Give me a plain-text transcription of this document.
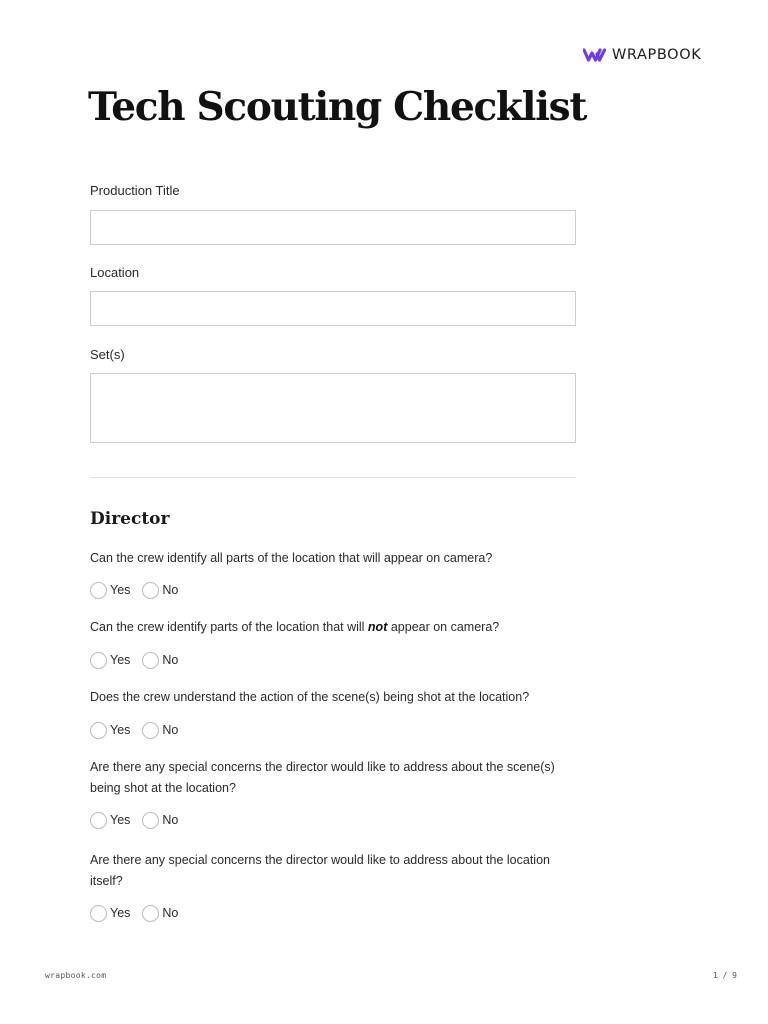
WRAPBOOK
Tech Scouting Checklist
Production Title
Location
Set(s)
Director
Can the crew identify all parts of the location that will appear on camera?
Yes	No
Can the crew identify parts of the location that will not appear on camera?
Yes	No
Does the crew understand the action of the scene(s) being shot at the location?
Yes	No
Are there any special concerns the director would like to address about the scene(s) being shot at the location?
Yes	No
Are there any special concerns the director would like to address about the location itself?
Yes	No
wrapbook.com	1 / 9
